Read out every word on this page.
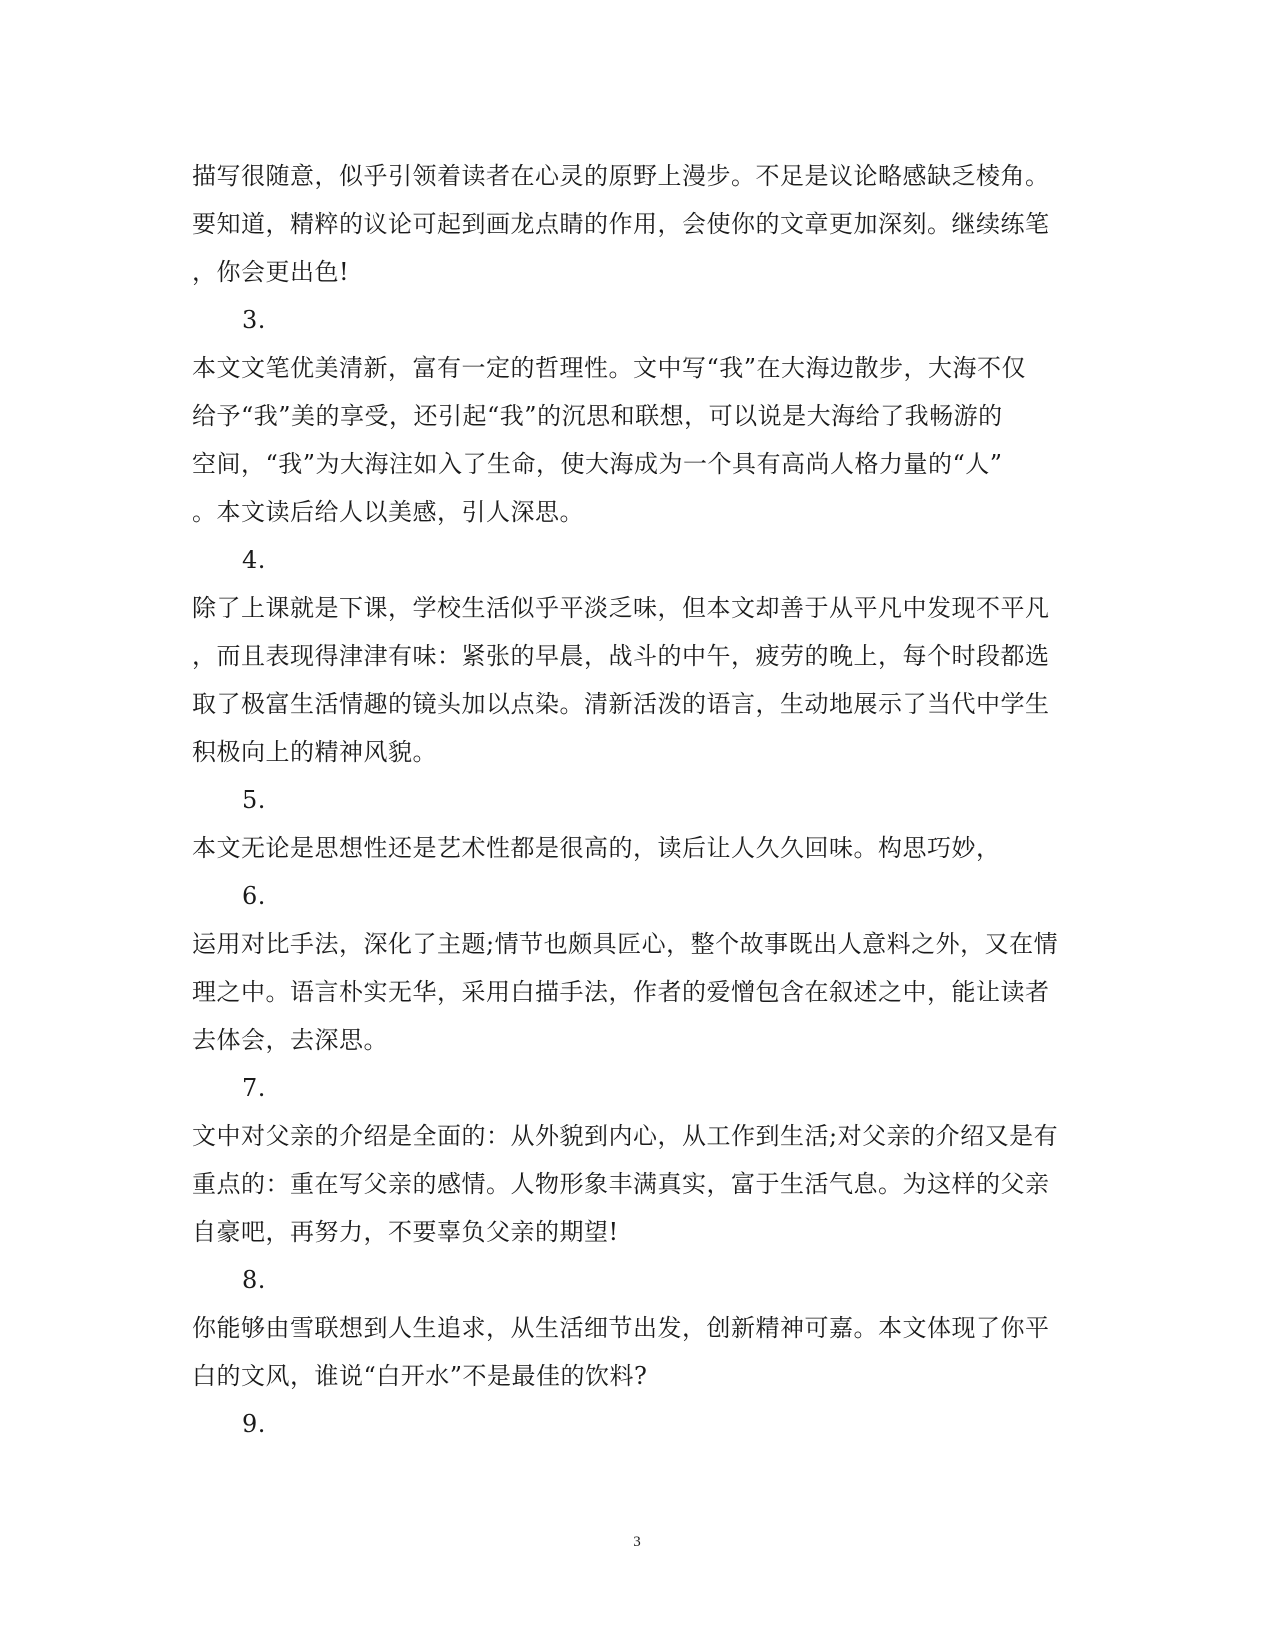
描写很随意，似乎引领着读者在心灵的原野上漫步。不足是议论略感缺乏棱角。
要知道，精粹的议论可起到画龙点睛的作用，会使你的文章更加深刻。继续练笔
，你会更出色!
3.
本文文笔优美清新，富有一定的哲理性。文中写“我”在大海边散步，大海不仅
给予“我”美的享受，还引起“我”的沉思和联想，可以说是大海给了我畅游的
空间，“我”为大海注如入了生命，使大海成为一个具有高尚人格力量的“人”
。本文读后给人以美感，引人深思。
4.
除了上课就是下课，学校生活似乎平淡乏味，但本文却善于从平凡中发现不平凡
，而且表现得津津有味：紧张的早晨，战斗的中午，疲劳的晚上，每个时段都选
取了极富生活情趣的镜头加以点染。清新活泼的语言，生动地展示了当代中学生
积极向上的精神风貌。
5.
本文无论是思想性还是艺术性都是很高的，读后让人久久回味。构思巧妙，
6.
运用对比手法，深化了主题;情节也颇具匠心，整个故事既出人意料之外，又在情
理之中。语言朴实无华，采用白描手法，作者的爱憎包含在叙述之中，能让读者
去体会，去深思。
7.
文中对父亲的介绍是全面的：从外貌到内心，从工作到生活;对父亲的介绍又是有
重点的：重在写父亲的感情。人物形象丰满真实，富于生活气息。为这样的父亲
自豪吧，再努力，不要辜负父亲的期望!
8.
你能够由雪联想到人生追求，从生活细节出发，创新精神可嘉。本文体现了你平
白的文风，谁说“白开水”不是最佳的饮料?
9.
3
